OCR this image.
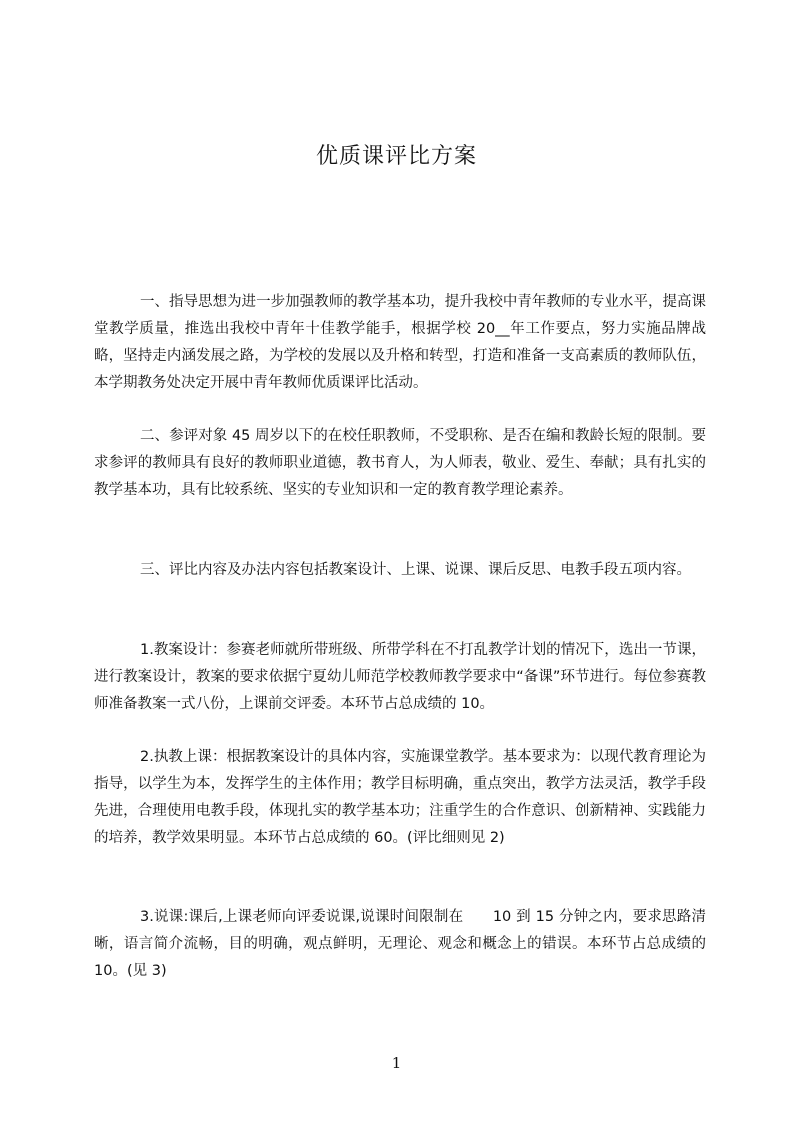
优质课评比方案

一、指导思想为进一步加强教师的教学基本功，提升我校中青年教师的专业水平，提高课堂教学质量，推选出我校中青年十佳教学能手，根据学校 20__年工作要点，努力实施品牌战略，坚持走内涵发展之路，为学校的发展以及升格和转型，打造和准备一支高素质的教师队伍，本学期教务处决定开展中青年教师优质课评比活动。

二、参评对象 45 周岁以下的在校任职教师，不受职称、是否在编和教龄长短的限制。要求参评的教师具有良好的教师职业道德，教书育人，为人师表，敬业、爱生、奉献；具有扎实的教学基本功，具有比较系统、坚实的专业知识和一定的教育教学理论素养。

三、评比内容及办法内容包括教案设计、上课、说课、课后反思、电教手段五项内容。

1.教案设计：参赛老师就所带班级、所带学科在不打乱教学计划的情况下，选出一节课，进行教案设计，教案的要求依据宁夏幼儿师范学校教师教学要求中“备课”环节进行。每位参赛教师准备教案一式八份，上课前交评委。本环节占总成绩的 10。

2.执教上课：根据教案设计的具体内容，实施课堂教学。基本要求为：以现代教育理论为指导，以学生为本，发挥学生的主体作用；教学目标明确，重点突出，教学方法灵活，教学手段先进，合理使用电教手段，体现扎实的教学基本功；注重学生的合作意识、创新精神、实践能力的培养，教学效果明显。本环节占总成绩的 60。(评比细则见 2)

3.说课:课后,上课老师向评委说课,说课时间限制在　　10 到 15 分钟之内，要求思路清晰，语言简介流畅，目的明确，观点鲜明，无理论、观念和概念上的错误。本环节占总成绩的 10。(见 3)

1
